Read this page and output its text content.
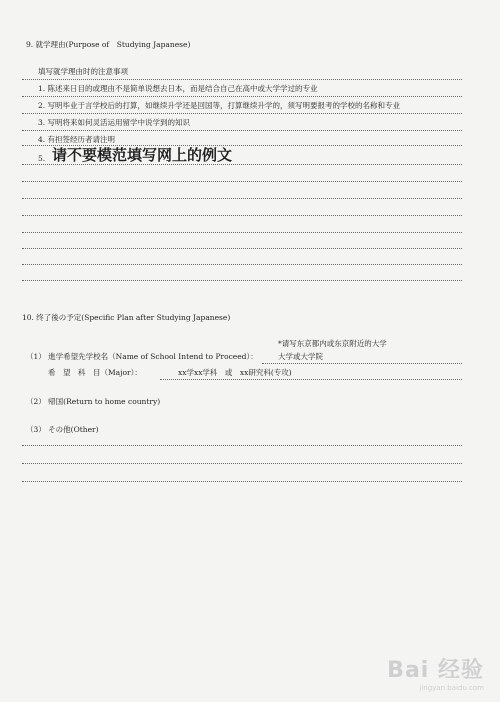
9. 就学理由(Purpose of　Studying Japanese)
填写就学理由时的注意事项
1. 陈述来日目的或理由不是简单说想去日本，而是结合自己在高中或大学学过的专业
2. 写明毕业于言学校后的打算，如继续升学还是回国等，打算继续升学的，须写明要报考的学校的名称和专业
3. 写明将来如何灵活运用留学中说学到的知识
4. 有担签经历者请注明
5. 请不要模范填写网上的例文
10. 终了後の予定(Specific Plan after Studying Japanese)
*请写东京都内或东京附近的大学
（1） 進学希望先学校名（Name of School Intend to Proceed）：	大学或大学院
希　望　科　目（Major）：	xx学xx学科　或　xx研究科(专攻)
（2） 帰国(Return to home country)
（3） その他(Other)
Bai 经验
jingyan.baidu.com
